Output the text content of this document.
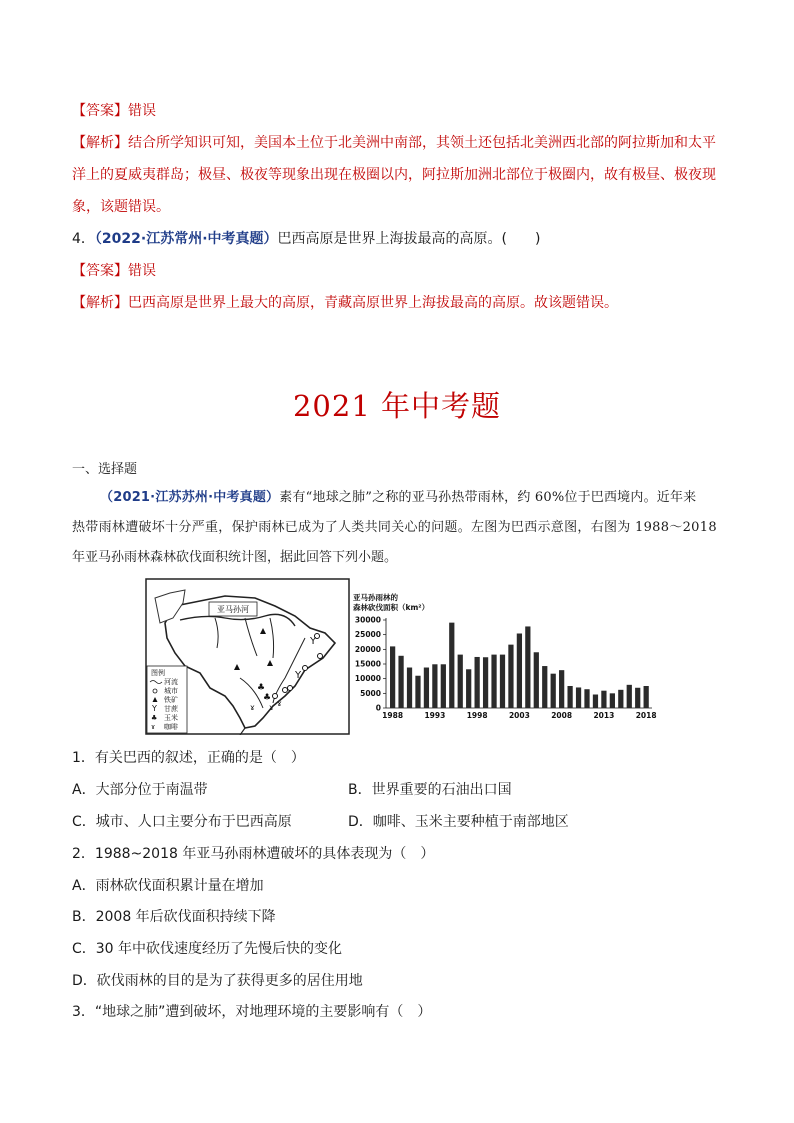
【答案】错误
【解析】结合所学知识可知，美国本土位于北美洲中南部，其领土还包括北美洲西北部的阿拉斯加和太平
洋上的夏威夷群岛；极昼、极夜等现象出现在极圈以内，阿拉斯加洲北部位于极圈内，故有极昼、极夜现
象，该题错误。
4．（2022·江苏常州·中考真题）巴西高原是世界上海拔最高的高原。(　　)
【答案】错误
【解析】巴西高原是世界上最大的高原，青藏高原世界上海拔最高的高原。故该题错误。
2021 年中考题
一、选择题
（2021·江苏苏州·中考真题）素有“地球之肺”之称的亚马孙热带雨林，约 60%位于巴西境内。近年来
热带雨林遭破坏十分严重，保护雨林已成为了人类共同关心的问题。左图为巴西示意图，右图为 1988～2018
年亚马孙雨林森林砍伐面积统计图，据此回答下列小题。
亚马孙河
Y
Y
♣
♣
ɤ ɤ
ɤ
图例
河流
城市
铁矿
Y 甘蔗
♣ 玉米
ɤ 咖啡
亚马孙雨林的
森林砍伐面积（km²）
0
5000
10000
15000
20000
25000
30000
1988	1993	1998	2003	2008	2013	2018
1．有关巴西的叙述，正确的是（　）
A．大部分位于南温带	B．世界重要的石油出口国
C．城市、人口主要分布于巴西高原	D．咖啡、玉米主要种植于南部地区
2．1988~2018 年亚马孙雨林遭破坏的具体表现为（　）
A．雨林砍伐面积累计量在增加
B．2008 年后砍伐面积持续下降
C．30 年中砍伐速度经历了先慢后快的变化
D．砍伐雨林的目的是为了获得更多的居住用地
3．“地球之肺”遭到破坏，对地理环境的主要影响有（　）
